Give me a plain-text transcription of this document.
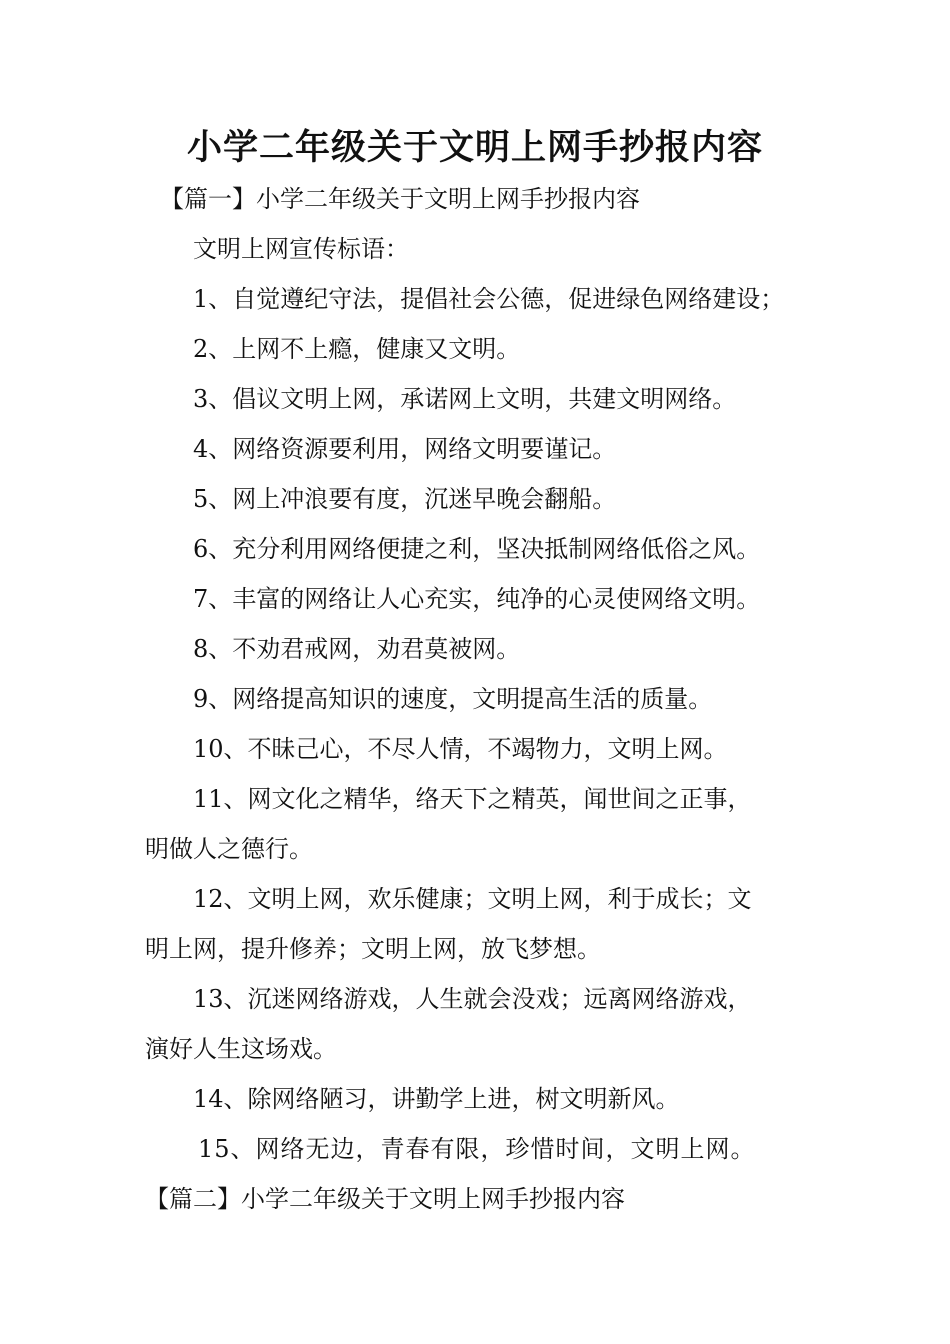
小学二年级关于文明上网手抄报内容

【篇一】小学二年级关于文明上网手抄报内容

文明上网宣传标语：

1、自觉遵纪守法，提倡社会公德，促进绿色网络建设；

2、上网不上瘾，健康又文明。

3、倡议文明上网，承诺网上文明，共建文明网络。

4、网络资源要利用，网络文明要谨记。

5、网上冲浪要有度，沉迷早晚会翻船。

6、充分利用网络便捷之利，坚决抵制网络低俗之风。

7、丰富的网络让人心充实，纯净的心灵使网络文明。

8、不劝君戒网，劝君莫被网。

9、网络提高知识的速度，文明提高生活的质量。

10、不昧己心，不尽人情，不竭物力，文明上网。

11、网文化之精华，络天下之精英，闻世间之正事，

明做人之德行。

12、文明上网，欢乐健康；文明上网，利于成长；文

明上网，提升修养；文明上网，放飞梦想。

13、沉迷网络游戏，人生就会没戏；远离网络游戏，

演好人生这场戏。

14、除网络陋习，讲勤学上进，树文明新风。

15、网络无边，青春有限，珍惜时间，文明上网。

【篇二】小学二年级关于文明上网手抄报内容
